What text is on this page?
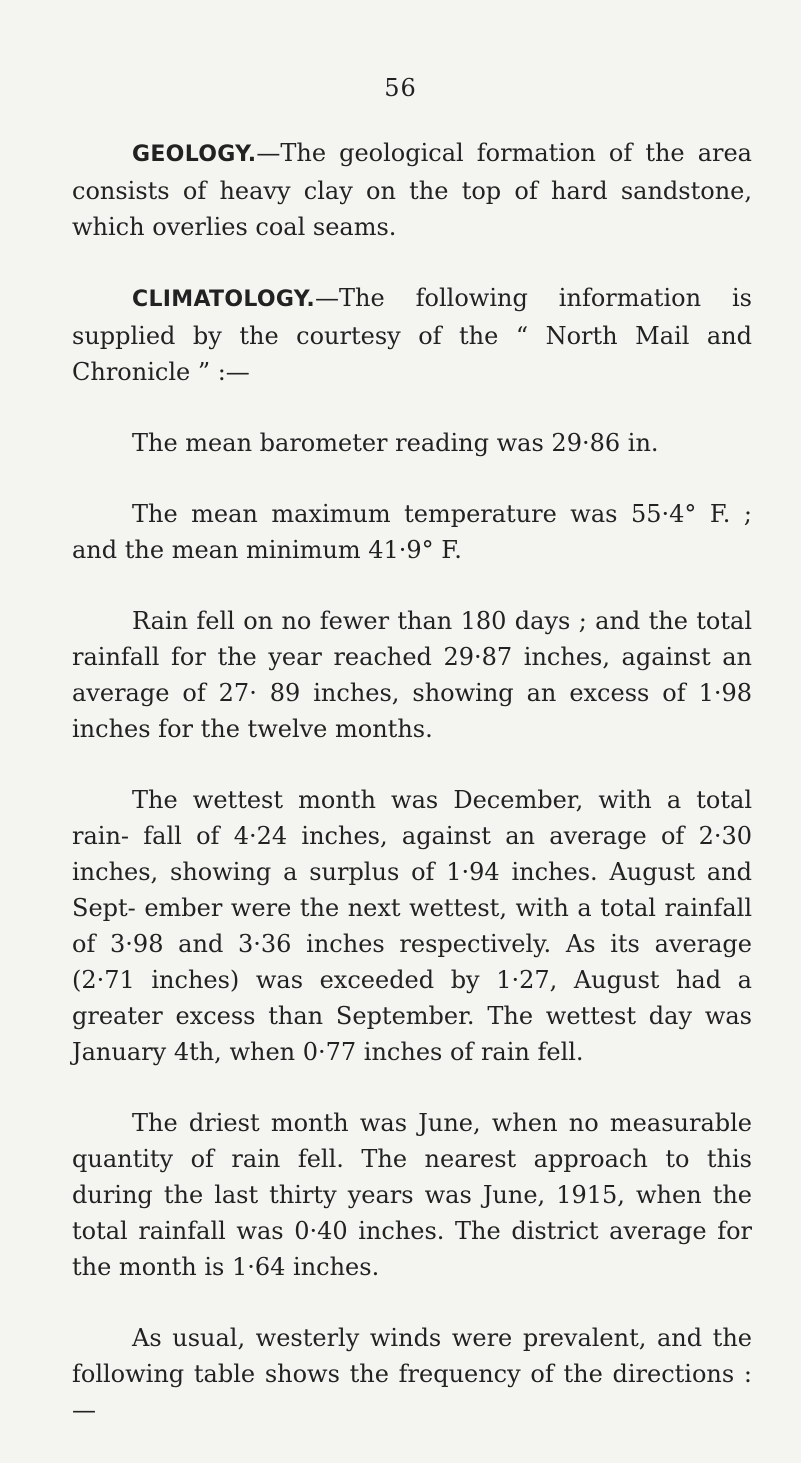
56

GEOLOGY.—The geological formation of the area consists of heavy clay on the top of hard sandstone, which overlies coal seams.

CLIMATOLOGY.—The following information is supplied by the courtesy of the “ North Mail and Chronicle ” :—

The mean barometer reading was 29·86 in.

The mean maximum temperature was 55·4° F. ; and the mean minimum 41·9° F.

Rain fell on no fewer than 180 days ; and the total rainfall for the year reached 29·87 inches, against an average of 27· 89 inches, showing an excess of 1·98 inches for the twelve months.

The wettest month was December, with a total rain- fall of 4·24 inches, against an average of 2·30 inches, showing a surplus of 1·94 inches. August and Sept- ember were the next wettest, with a total rainfall of 3·98 and 3·36 inches respectively. As its average (2·71 inches) was exceeded by 1·27, August had a greater excess than September. The wettest day was January 4th, when 0·77 inches of rain fell.

The driest month was June, when no measurable quantity of rain fell. The nearest approach to this during the last thirty years was June, 1915, when the total rainfall was 0·40 inches. The district average for the month is 1·64 inches.

As usual, westerly winds were prevalent, and the following table shows the frequency of the directions :—
